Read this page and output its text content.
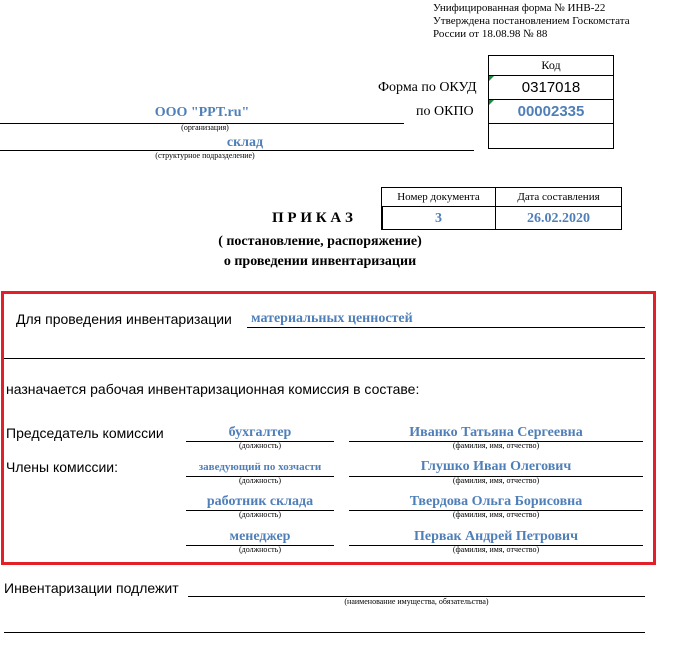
Унифицированная форма № ИНВ-22
Утверждена постановлением Госкомстата
России от 18.08.98 № 88
Код
0317018
00002335
Форма по ОКУД
по ОКПО
ООО "PPT.ru"
(организация)
склад
(структурное подразделение)
Номер документа	Дата составления
3	26.02.2020
П Р И К А З
( постановление, распоряжение)
о проведении инвентаризации
Для проведения инвентаризации материальных ценностей
назначается рабочая инвентаризационная комиссия в составе:
Председатель комиссии
Члены комиссии:
бухгалтер
(должность)
Иванко Татьяна Сергеевна
(фамилия, имя, отчество)
заведующий по хозчасти
(должность)
Глушко Иван Олегович
(фамилия, имя, отчество)
работник склада
(должность)
Твердова Ольга Борисовна
(фамилия, имя, отчество)
менеджер
(должность)
Первак Андрей Петрович
(фамилия, имя, отчество)
Инвентаризации подлежит
(наименование имущества, обязательства)
